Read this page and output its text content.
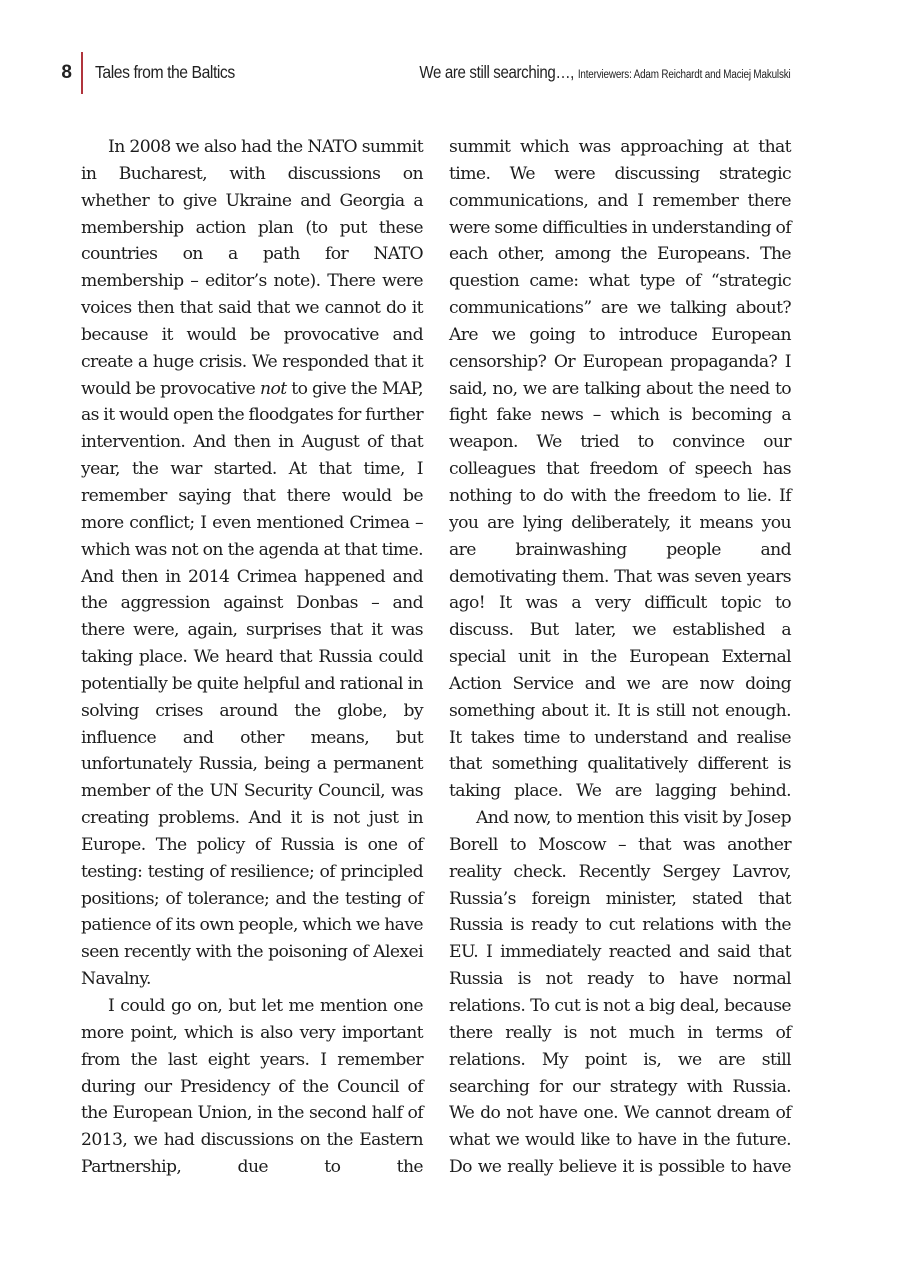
8 Tales from the Baltics	We are still searching…, Interviewers: Adam Reichardt and Maciej Makulski

In 2008 we also had the NATO summit in Bucharest, with discussions on whether to give Ukraine and Georgia a membership action plan (to put these countries on a path for NATO membership – editor’s note). There were voices then that said that we cannot do it because it would be provocative and create a huge crisis. We responded that it would be provocative not to give the MAP, as it would open the floodgates for further intervention. And then in August of that year, the war started. At that time, I remember saying that there would be more conflict; I even mentioned Crimea – which was not on the agenda at that time. And then in 2014 Crimea happened and the aggression against Donbas – and there were, again, surprises that it was taking place. We heard that Russia could potentially be quite helpful and rational in solving crises around the globe, by influence and other means, but unfortunately Russia, being a permanent member of the UN Security Council, was creating problems. And it is not just in Europe. The policy of Russia is one of testing: testing of resilience; of principled positions; of tolerance; and the testing of patience of its own people, which we have seen recently with the poisoning of Alexei Navalny.

I could go on, but let me mention one more point, which is also very important from the last eight years. I remember during our Presidency of the Council of the European Union, in the second half of 2013, we had discussions on the Eastern Partnership, due to the

summit which was approaching at that time. We were discussing strategic communications, and I remember there were some difficulties in understanding of each other, among the Europeans. The question came: what type of “strategic communications” are we talking about? Are we going to introduce European censorship? Or European propaganda? I said, no, we are talking about the need to fight fake news – which is becoming a weapon. We tried to convince our colleagues that freedom of speech has nothing to do with the freedom to lie. If you are lying deliberately, it means you are brainwashing people and demotivating them. That was seven years ago! It was a very difficult topic to discuss. But later, we established a special unit in the European External Action Service and we are now doing something about it. It is still not enough. It takes time to understand and realise that something qualitatively different is taking place. We are lagging behind.

And now, to mention this visit by Josep Borell to Moscow – that was another reality check. Recently Sergey Lavrov, Russia’s foreign minister, stated that Russia is ready to cut relations with the EU. I immediately reacted and said that Russia is not ready to have normal relations. To cut is not a big deal, because there really is not much in terms of relations. My point is, we are still searching for our strategy with Russia. We do not have one. We cannot dream of what we would like to have in the future. Do we really believe it is possible to have
